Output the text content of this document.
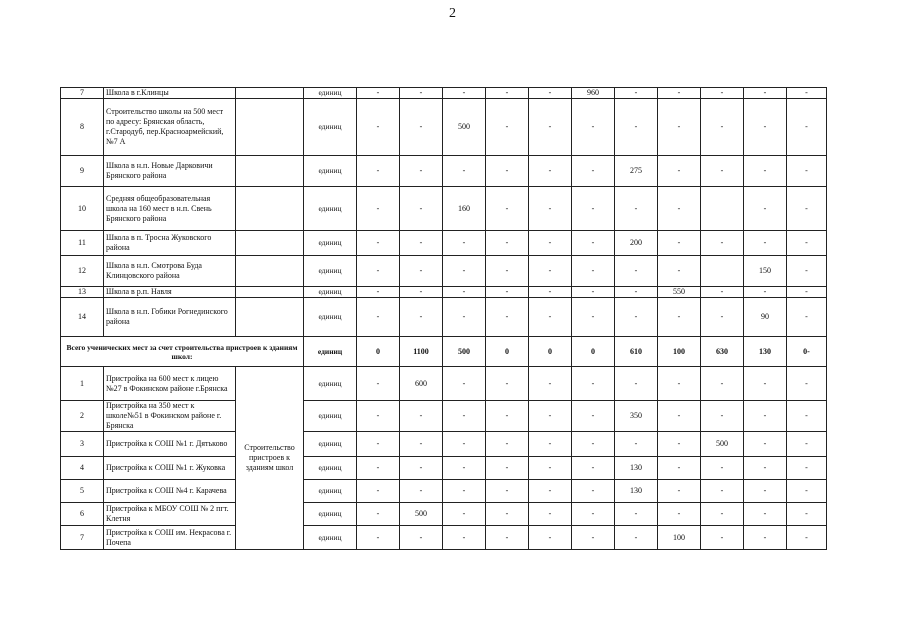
2
7	Школа в г.Клинцы		единиц	-	-	-	-	-	960	-	-	-	-	-
8	Строительство школы на 500 мест по адресу: Брянская область, г.Стародуб, пер.Красноармейский, №7 А		единиц	-	-	500	-	-	-	-	-	-	-	-
9	Школа в н.п. Новые Дарковичи Брянского района		единиц	-	-	-	-	-	-	275	-	-	-	-
10	Средняя общеобразовательная школа на 160 мест в н.п. Свень Брянского района		единиц	-	-	160	-	-	-	-	-		-	-
11	Школа в п. Тросна Жуковского района		единиц	-	-	-	-	-	-	200	-	-	-	-
12	Школа в н.п. Смотрова Буда Клинцовского района		единиц	-	-	-	-	-	-	-	-		150	-
13	Школа в р.п. Навля		единиц	-	-	-	-	-	-	-	550	-	-	-
14	Школа в н.п. Гобики Рогнединского района		единиц	-	-	-	-	-	-	-	-	-	90	-
Всего ученических мест за счет строительства пристроев к зданиям школ:			единиц	0	1100	500	0	0	0	610	100	630	130	0-
1	Пристройка на 600 мест к лицею №27 в Фокинском районе г.Брянска	Строительство пристроев к зданиям школ	единиц	-	600	-	-	-	-	-	-	-	-	-
2	Пристройка на 350 мест к школе№51 в Фокинском районе г. Брянска		единиц	-	-	-	-	-	-	350	-	-	-	-
3	Пристройка к СОШ №1 г. Дятьково		единиц	-	-	-	-	-	-	-	-	500	-	-
4	Пристройка к СОШ №1 г. Жуковка		единиц	-	-	-	-	-	-	130	-	-	-	-
5	Пристройка к СОШ №4 г. Карачева		единиц	-	-	-	-	-	-	130	-	-	-	-
6	Пристройка к МБОУ СОШ № 2 пгт. Клетня		единиц	-	500	-	-	-	-	-	-	-	-	-
7	Пристройка к СОШ им. Некрасова г. Почепа		единиц	-	-	-	-	-	-	-	100	-	-	-
